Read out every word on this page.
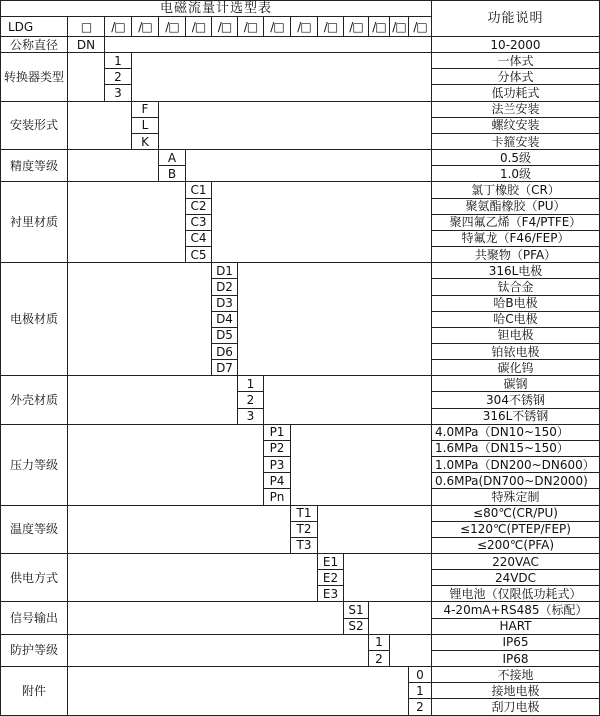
电磁流量计选型表
功能说明
LDG	□	/□	/□	/□	/□	/□	/□	/□	/□	/□	/□ /□ /□ /□
公称直径	DN	10-2000
转换器类型
1	一体式
2	分体式
3	低功耗式
安装形式
F	法兰安装
L	螺纹安装
K	卡箍安装
精度等级
A	0.5级
B	1.0级
衬里材质
C1	氯丁橡胶（CR）
C2	聚氨酯橡胶（PU）
C3	聚四氟乙烯（F4/PTFE）
C4	特氟龙（F46/FEP）
C5	共聚物（PFA）
电极材质
D1	316L电极
D2	钛合金
D3	哈B电极
D4	哈C电极
D5	钽电极
D6	铂铱电极
D7	碳化钨
外壳材质
1	碳钢
2	304不锈钢
3	316L不锈钢
压力等级
P1	4.0MPa（DN10~150）
P2	1.6MPa（DN15~150）
P3	1.0MPa（DN200~DN600）
P4	0.6MPa(DN700~DN2000)
Pn	特殊定制
温度等级
T1	≤80℃(CR/PU)
T2	≤120℃(PTEP/FEP)
T3	≤200℃(PFA)
供电方式
E1	220VAC
E2	24VDC
E3	锂电池（仅限低功耗式）
信号输出
S1	4-20mA+RS485（标配）
S2	HART
防护等级
1	IP65
2	IP68
附件
0	不接地
1	接地电极
2	刮刀电极
